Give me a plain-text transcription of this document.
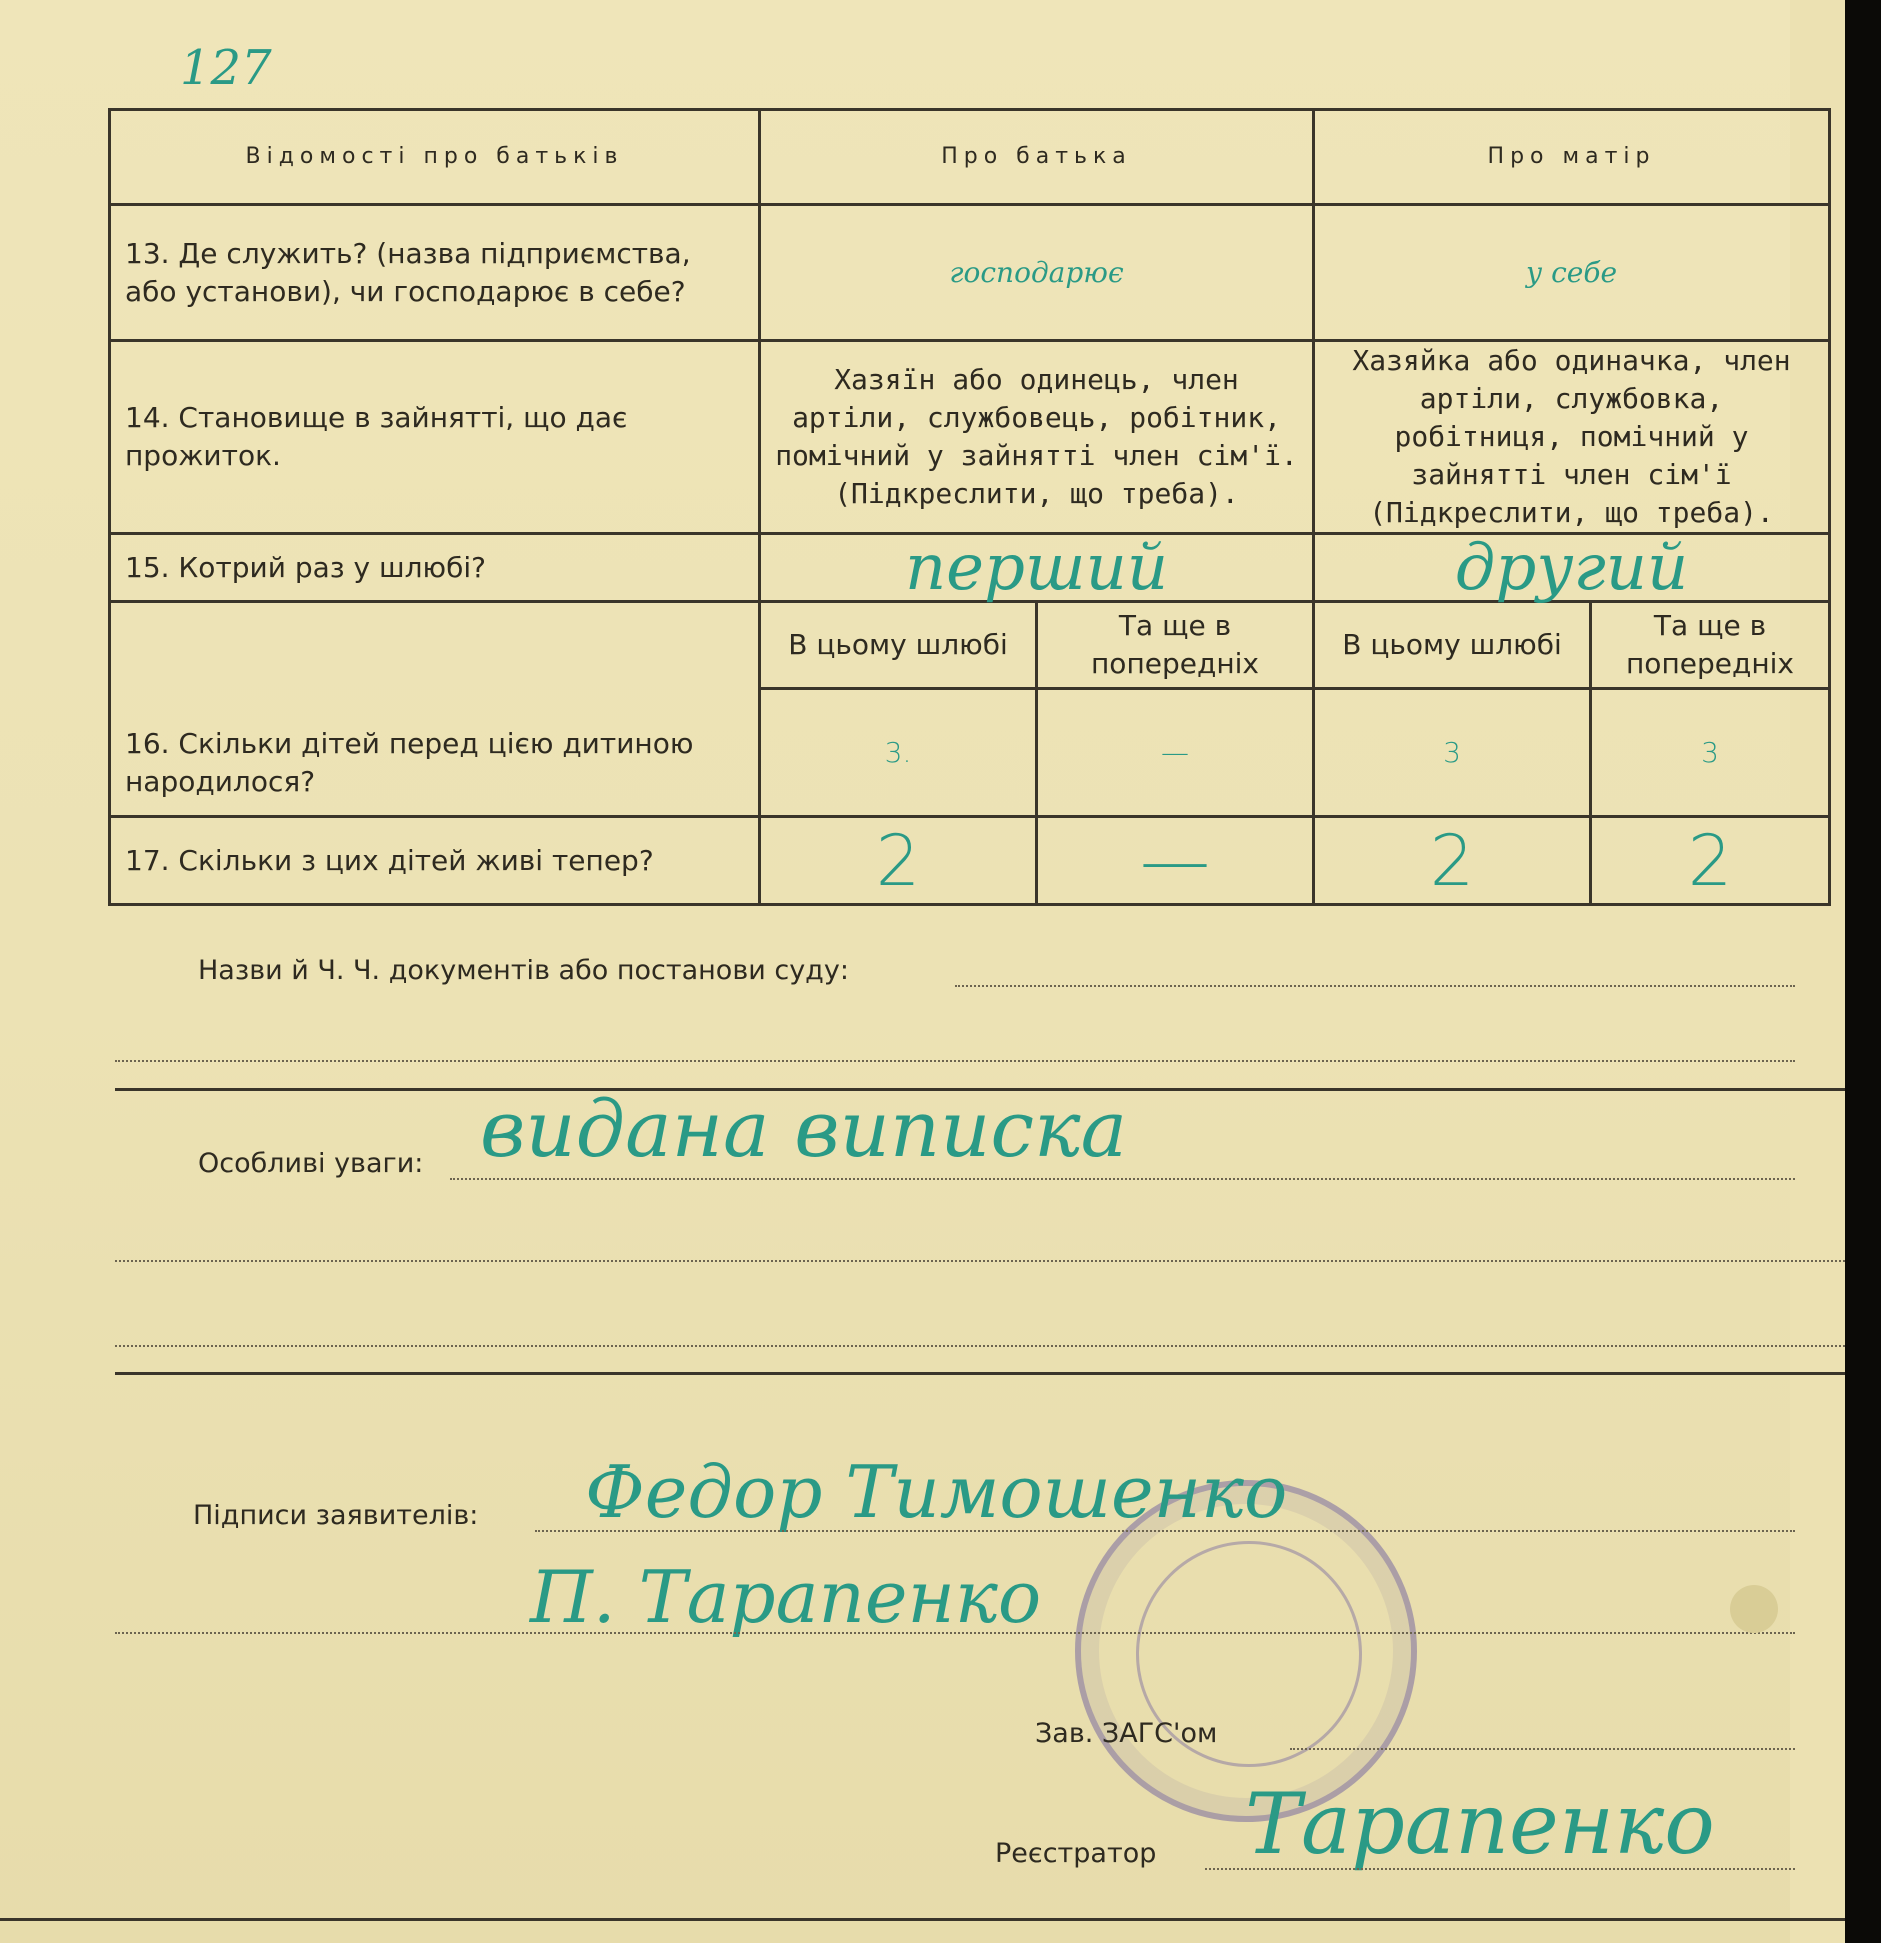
127
Відомості про батьків	Про батька		Про матір	
13. Де служить? (назва підприємства, або установи), чи господарює в себе?	господарює		у себе	
14. Становище в зайнятті, що дає прожиток.	Хазяїн або одинець, член артіли, службовець, робітник, помічний у зайнятті член сім'ї. (Підкреслити, що треба).		Хазяйка або одиначка, член артіли, службовка, робітниця, помічний у зайнятті член сім'ї (Підкреслити, що треба).	
15. Котрий раз у шлюбі?	перший		другий	
16. Скільки дітей перед цією дитиною народилося?	В цьому шлюбі	Та ще в попередніх	В цьому шлюбі	Та ще в попередніх
	3.	—	3	3
17. Скільки з цих дітей живі тепер?	2	—	2	2
Назви й Ч. Ч. документів або постанови суду:
Особливі уваги: видана виписка
Підписи заявителів: Федор Тимошенко
П. Тарапенко
Зав. ЗАГС'ом
Реєстратор Тарапенко
